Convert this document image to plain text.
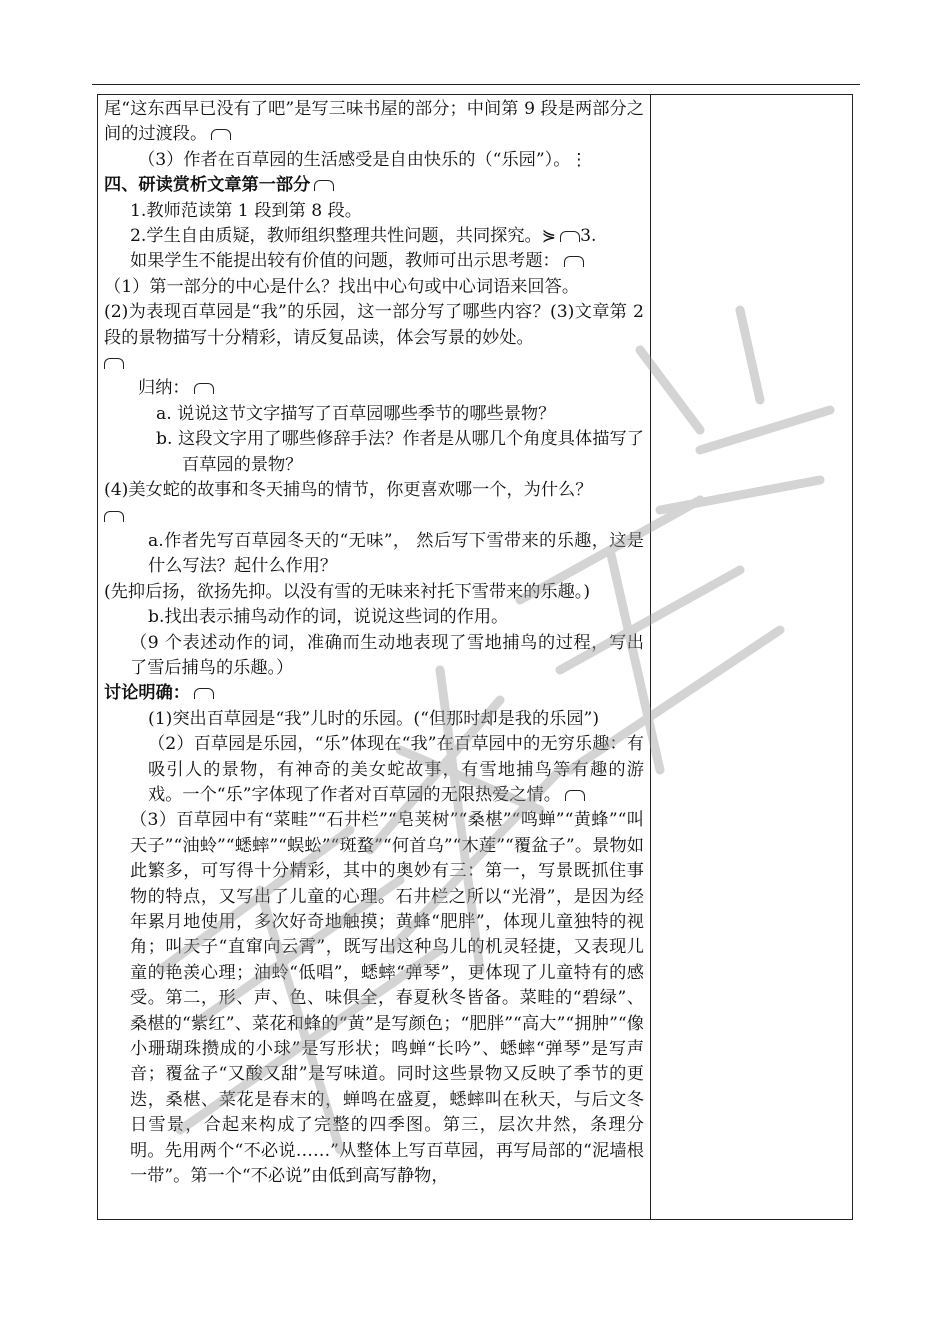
尾“这东西早已没有了吧”是写三味书屋的部分；中间第 9 段是两部分之间的过渡段。

（3）作者在百草园的生活感受是自由快乐的（“乐园”）。⋮

四、研读赏析文章第一部分

1.教师范读第 1 段到第 8 段。

2.学生自由质疑，教师组织整理共性问题，共同探究。⋟ 3.

如果学生不能提出较有价值的问题，教师可出示思考题：

（1）第一部分的中心是什么？找出中心句或中心词语来回答。

(2)为表现百草园是“我”的乐园，这一部分写了哪些内容？(3)文章第 2 段的景物描写十分精彩，请反复品读，体会写景的妙处。

归纳：

a. 说说这节文字描写了百草园哪些季节的哪些景物？

b. 这段文字用了哪些修辞手法？作者是从哪几个角度具体描写了百草园的景物？

(4)美女蛇的故事和冬天捕鸟的情节，你更喜欢哪一个，为什么？

a.作者先写百草园冬天的“无味”， 然后写下雪带来的乐趣，这是什么写法？起什么作用？

(先抑后扬，欲扬先抑。以没有雪的无味来衬托下雪带来的乐趣。)

b.找出表示捕鸟动作的词，说说这些词的作用。

（9 个表述动作的词，准确而生动地表现了雪地捕鸟的过程，写出了雪后捕鸟的乐趣。）

讨论明确：

(1)突出百草园是“我”儿时的乐园。(“但那时却是我的乐园”)

（2）百草园是乐园，“乐”体现在“我”在百草园中的无穷乐趣：有吸引人的景物，有神奇的美女蛇故事，有雪地捕鸟等有趣的游戏。一个“乐”字体现了作者对百草园的无限热爱之情。

（3）百草园中有“菜畦”“石井栏”“皂荚树”“桑椹”“鸣蝉”“黄蜂”“叫天子”“油蛉”“蟋蟀”“蜈蚣”“斑蝥”“何首乌”“木莲”“覆盆子”。景物如此繁多，可写得十分精彩，其中的奥妙有三：第一，写景既抓住事物的特点，又写出了儿童的心理。石井栏之所以“光滑”，是因为经年累月地使用，多次好奇地触摸；黄蜂“肥胖”，体现儿童独特的视角；叫天子“直窜向云霄”，既写出这种鸟儿的机灵轻捷，又表现儿童的艳羡心理；油蛉“低唱”，蟋蟀“弹琴”，更体现了儿童特有的感受。第二，形、声、色、味俱全，春夏秋冬皆备。菜畦的“碧绿”、桑椹的“紫红”、菜花和蜂的“黄”是写颜色；“肥胖”“高大”“拥肿”“像小珊瑚珠攒成的小球”是写形状；鸣蝉“长吟”、蟋蟀“弹琴”是写声音；覆盆子“又酸又甜”是写味道。同时这些景物又反映了季节的更迭，桑椹、菜花是春末的，蝉鸣在盛夏，蟋蟀叫在秋天，与后文冬日雪景，合起来构成了完整的四季图。第三，层次井然，条理分明。先用两个“不必说……”从整体上写百草园，再写局部的“泥墙根一带”。第一个“不必说”由低到高写静物，
